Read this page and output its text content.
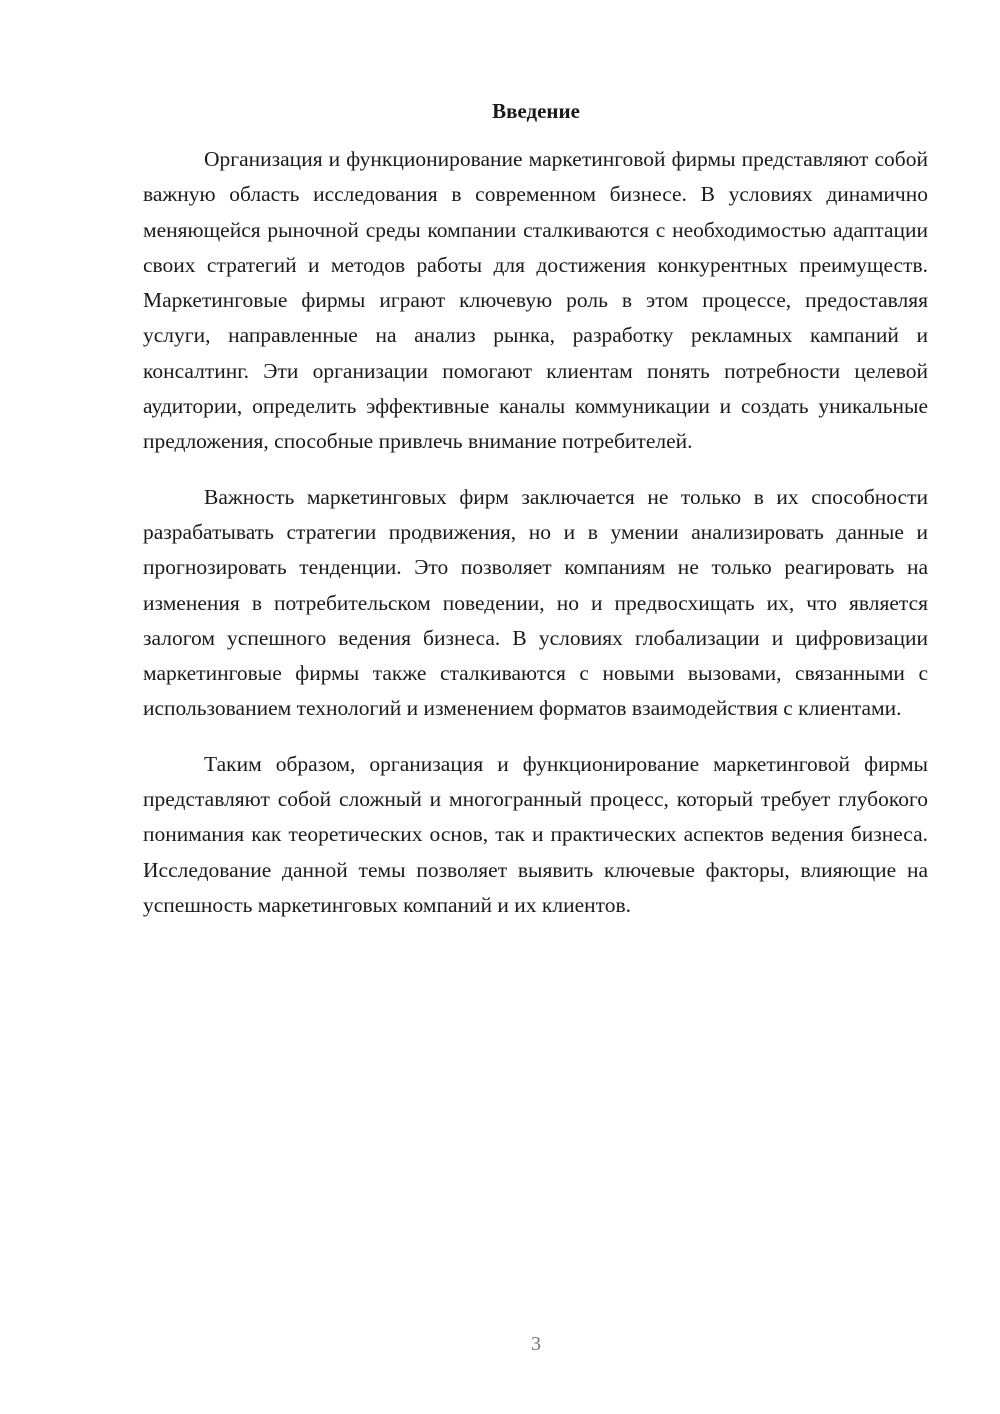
Введение

Организация и функционирование маркетинговой фирмы представляют собой важную область исследования в современном бизнесе. В условиях динамично меняющейся рыночной среды компании сталкиваются с необходимостью адаптации своих стратегий и методов работы для достижения конкурентных преимуществ. Маркетинговые фирмы играют ключевую роль в этом процессе, предоставляя услуги, направленные на анализ рынка, разработку рекламных кампаний и консалтинг. Эти организации помогают клиентам понять потребности целевой аудитории, определить эффективные каналы коммуникации и создать уникальные предложения, способные привлечь внимание потребителей.

Важность маркетинговых фирм заключается не только в их способности разрабатывать стратегии продвижения, но и в умении анализировать данные и прогнозировать тенденции. Это позволяет компаниям не только реагировать на изменения в потребительском поведении, но и предвосхищать их, что является залогом успешного ведения бизнеса. В условиях глобализации и цифровизации маркетинговые фирмы также сталкиваются с новыми вызовами, связанными с использованием технологий и изменением форматов взаимодействия с клиентами.

Таким образом, организация и функционирование маркетинговой фирмы представляют собой сложный и многогранный процесс, который требует глубокого понимания как теоретических основ, так и практических аспектов ведения бизнеса. Исследование данной темы позволяет выявить ключевые факторы, влияющие на успешность маркетинговых компаний и их клиентов.

3
